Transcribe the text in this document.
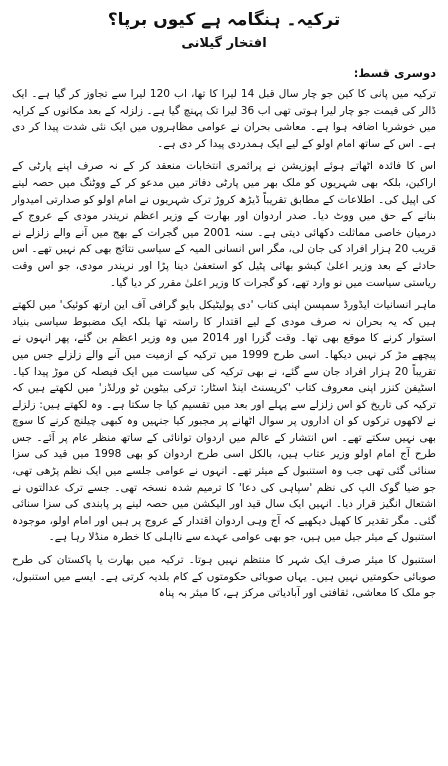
ترکیہ۔ ہنگامہ ہے کیوں برپا؟
افتخار گیلانی
دوسری قسط:

ترکیہ میں پانی کا کین جو چار سال قبل 14 لیرا کا تھا، اب 120 لیرا سے تجاوز کر گیا ہے۔ ایک ڈالر کی قیمت جو چار لیرا ہوتی تھی اب 36 لیرا تک پہنچ گیا ہے۔ زلزلہ کے بعد مکانوں کے کرایہ میں خوشربا اضافہ ہوا ہے۔ معاشی بحران نے عوامی مظاہروں میں ایک نئی شدت پیدا کر دی ہے۔ اس کے ساتھ امام اولو کے لیے ایک ہمدردی پیدا کر دی ہے۔

اس کا فائدہ اٹھاتے ہوئے اپوزیشن نے پرائمری انتخابات منعقد کر کے نہ صرف اپنے پارٹی کے اراکین، بلکہ بھی شہریوں کو ملک بھر میں پارٹی دفاتر میں مدعو کر کے ووٹنگ میں حصہ لینے کی اپیل کی۔ اطلاعات کے مطابق تقریباً ڈیڑھ کروڑ ترک شہریوں نے امام اولو کو صدارتی امیدوار بنانے کے حق میں ووٹ دیا۔ صدر اردوان اور بھارت کے وزیر اعظم نریندر مودی کے عروج کے درمیان خاصی مماثلت دکھائی دیتی ہے۔ سنہ 2001 میں گجرات کے بھج میں آنے والے زلزلے نے قریب 20 ہزار افراد کی جان لی، مگر اس انسانی المیہ کے سیاسی نتائج بھی کم نہیں تھے۔ اس حادثے کے بعد وزیر اعلیٰ کیشو بھائی پٹیل کو استعفیٰ دینا پڑا اور نریندر مودی، جو اس وقت ریاستی سیاست میں نو وارد تھے، کو گجرات کا وزیر اعلیٰ مقرر کر دیا گیا۔

ماہر انسانیات ایڈورڈ سمپسن اپنی کتاب 'دی پولیٹیکل بایو گرافی آف این ارتھ کوئیک' میں لکھتے ہیں کہ یہ بحران نہ صرف مودی کے لیے اقتدار کا راستہ تھا بلکہ ایک مضبوط سیاسی بنیاد استوار کرنے کا موقع بھی تھا۔ وقت گزرا اور 2014 میں وہ وزیر اعظم بن گئے، پھر انہوں نے پیچھے مڑ کر نہیں دیکھا۔ اسی طرح 1999 میں ترکیہ کے ازمیت میں آنے والے زلزلے جس میں تقریباً 20 ہزار افراد جان سے گئے، نے بھی ترکیہ کی سیاست میں ایک فیصلہ کن موڑ پیدا کیا۔ اسٹیفن کنزر اپنی معروف کتاب 'کریسنٹ اینڈ اسٹار: ترکی بیٹوین ٹو ورلڈز' میں لکھتے ہیں کہ ترکیہ کی تاریخ کو اس زلزلے سے پہلے اور بعد میں تقسیم کیا جا سکتا ہے۔ وہ لکھتے ہیں: زلزلے نے لاکھوں ترکوں کو ان اداروں پر سوال اٹھانے پر مجبور کیا جنہیں وہ کبھی چیلنج کرنے کا سوچ بھی نہیں سکتے تھے۔ اس انتشار کے عالم میں اردوان توانائی کے ساتھ منظر عام پر آئے۔ جس طرح آج امام اولو وزیر عتاب ہیں، بالکل اسی طرح اردوان کو بھی 1998 میں قید کی سزا سنائی گئی تھی جب وہ استنبول کے میئر تھے۔ انہوں نے عوامی جلسے میں ایک نظم پڑھی تھی، جو ضیا گوک الپ کی نظم 'سپاہی کی دعا' کا ترمیم شدہ نسخہ تھی۔ جسے ترک عدالتوں نے اشتعال انگیز قرار دیا۔ انہیں ایک سال قید اور الیکشن میں حصہ لینے پر پابندی کی سزا سنائی گئی۔ مگر تقدیر کا کھیل دیکھیے کہ آج وہی اردوان اقتدار کے عروج پر ہیں اور امام اولو، موجودہ استنبول کے میئر جیل میں ہیں، جو بھی عوامی عہدے سے نااہلی کا خطرہ منڈلا رہا ہے۔

استنبول کا میئر صرف ایک شہر کا منتظم نہیں ہوتا۔ ترکیہ میں بھارت یا پاکستان کی طرح صوبائی حکومتیں نہیں ہیں۔ یہاں صوبائی حکومتوں کے کام بلدیہ کرتی ہے۔ ایسے میں استنبول، جو ملک کا معاشی، ثقافتی اور آبادیاتی مرکز ہے، کا میئر بہ پناہ
